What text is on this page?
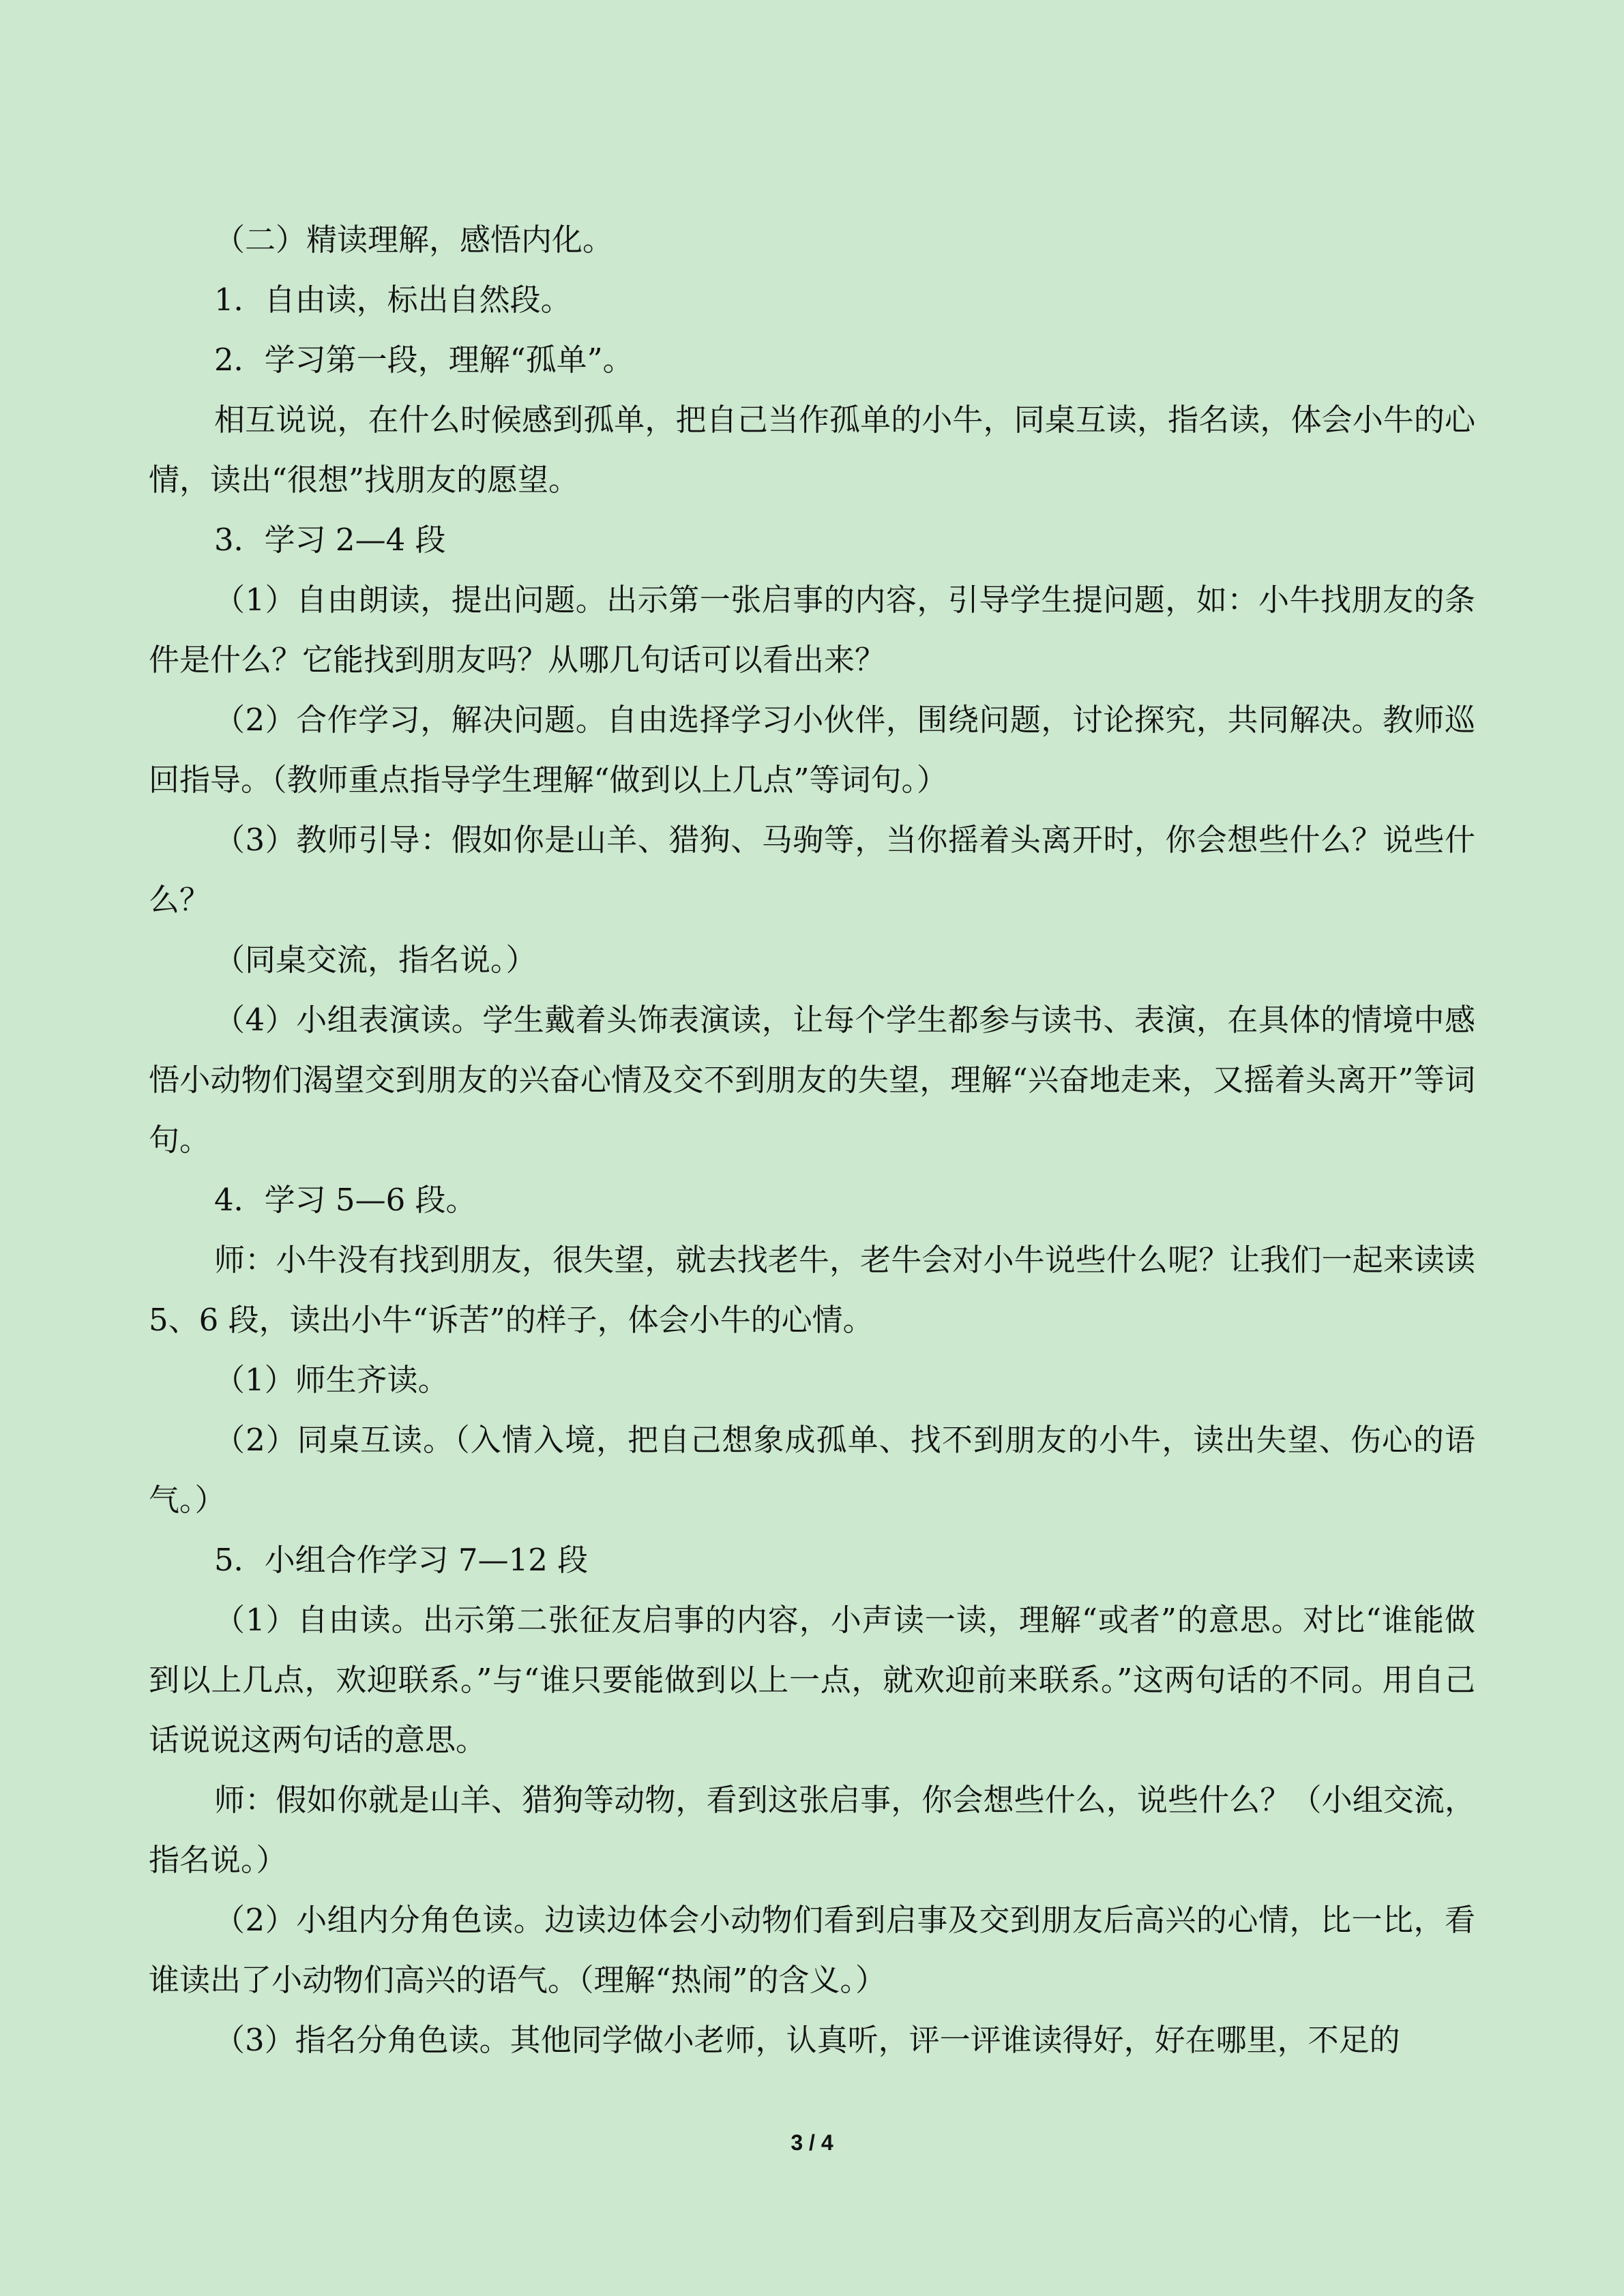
（二）精读理解，感悟内化。

1．自由读，标出自然段。

2．学习第一段，理解“孤单”。

相互说说，在什么时候感到孤单，把自己当作孤单的小牛，同桌互读，指名读，体会小牛的心情，读出“很想”找朋友的愿望。

3．学习 2—4 段

（1）自由朗读，提出问题。出示第一张启事的内容，引导学生提问题，如：小牛找朋友的条件是什么？它能找到朋友吗？从哪几句话可以看出来？

（2）合作学习，解决问题。自由选择学习小伙伴，围绕问题，讨论探究，共同解决。教师巡回指导。（教师重点指导学生理解“做到以上几点”等词句。）

（3）教师引导：假如你是山羊、猎狗、马驹等，当你摇着头离开时，你会想些什么？说些什么？

（同桌交流，指名说。）

（4）小组表演读。学生戴着头饰表演读，让每个学生都参与读书、表演，在具体的情境中感悟小动物们渴望交到朋友的兴奋心情及交不到朋友的失望，理解“兴奋地走来，又摇着头离开”等词句。

4．学习 5—6 段。

师：小牛没有找到朋友，很失望，就去找老牛，老牛会对小牛说些什么呢？让我们一起来读读 5、6 段，读出小牛“诉苦”的样子，体会小牛的心情。

（1）师生齐读。

（2）同桌互读。（入情入境，把自己想象成孤单、找不到朋友的小牛，读出失望、伤心的语气。）

5．小组合作学习 7—12 段

（1）自由读。出示第二张征友启事的内容，小声读一读，理解“或者”的意思。对比“谁能做到以上几点，欢迎联系。”与“谁只要能做到以上一点，就欢迎前来联系。”这两句话的不同。用自己话说说这两句话的意思。

师：假如你就是山羊、猎狗等动物，看到这张启事，你会想些什么，说些什么？（小组交流，指名说。）

（2）小组内分角色读。边读边体会小动物们看到启事及交到朋友后高兴的心情，比一比，看谁读出了小动物们高兴的语气。（理解“热闹”的含义。）

（3）指名分角色读。其他同学做小老师，认真听，评一评谁读得好，好在哪里，不足的

3 / 4
